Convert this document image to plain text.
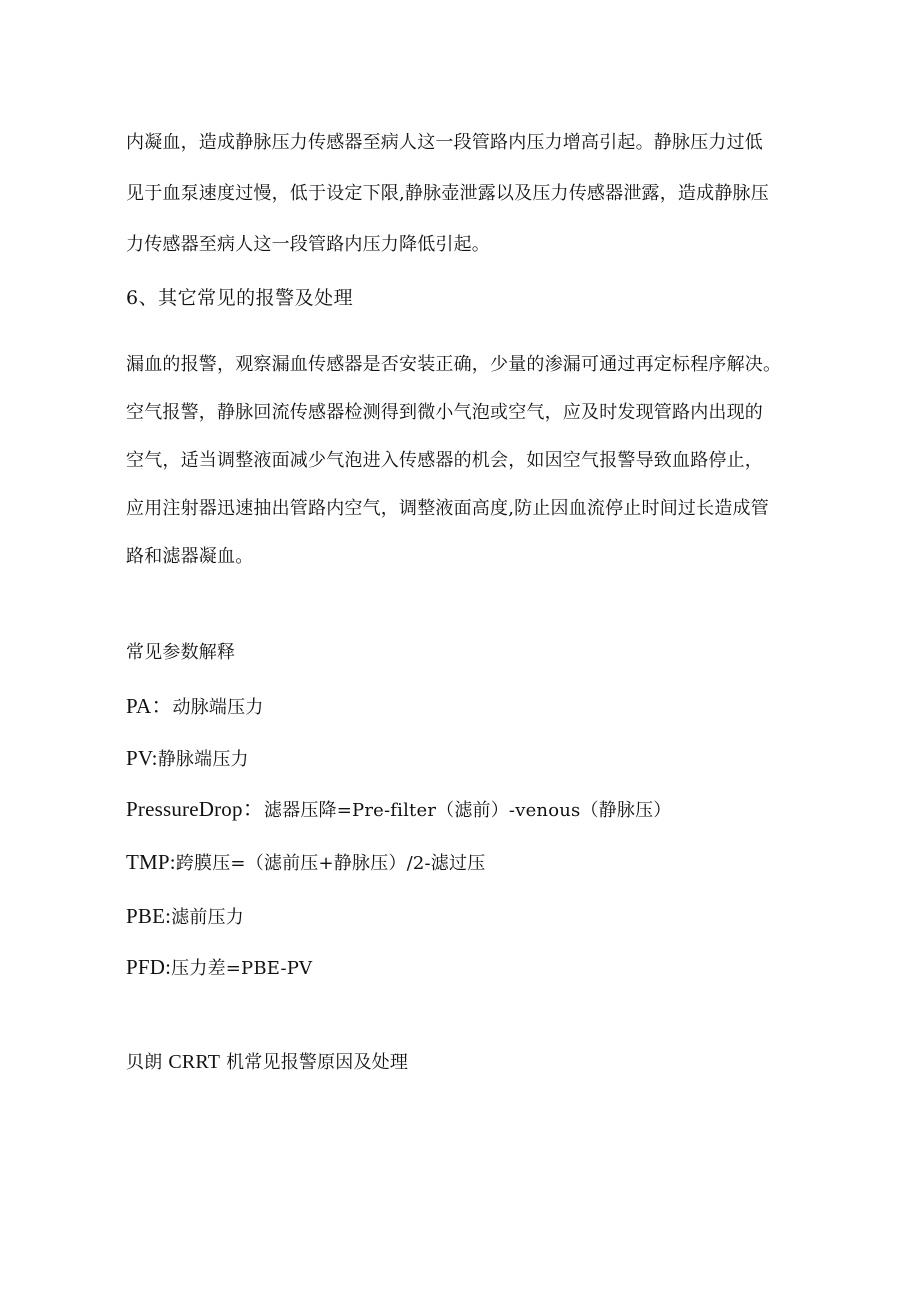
内凝血，造成静脉压力传感器至病人这一段管路内压力增高引起。静脉压力过低
见于血泵速度过慢，低于设定下限,静脉壶泄露以及压力传感器泄露，造成静脉压
力传感器至病人这一段管路内压力降低引起。
6、其它常见的报警及处理
漏血的报警，观察漏血传感器是否安装正确，少量的渗漏可通过再定标程序解决。
空气报警，静脉回流传感器检测得到微小气泡或空气，应及时发现管路内出现的
空气，适当调整液面减少气泡进入传感器的机会，如因空气报警导致血路停止，
应用注射器迅速抽出管路内空气，调整液面高度,防止因血流停止时间过长造成管
路和滤器凝血。
常见参数解释
PA：动脉端压力
PV:静脉端压力
PressureDrop：滤器压降=Pre-filter（滤前）-venous（静脉压）
TMP:跨膜压=（滤前压+静脉压）/2-滤过压
PBE:滤前压力
PFD:压力差=PBE-PV
贝朗 CRRT 机常见报警原因及处理
